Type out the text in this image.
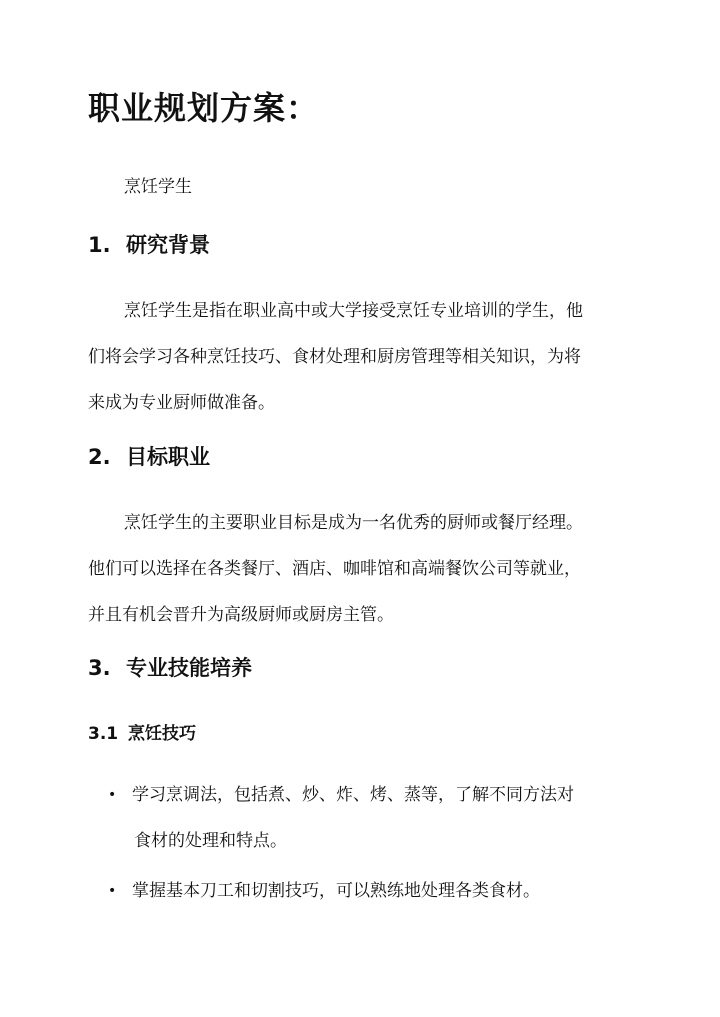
职业规划方案：
烹饪学生
1. 研究背景
烹饪学生是指在职业高中或大学接受烹饪专业培训的学生，他
们将会学习各种烹饪技巧、食材处理和厨房管理等相关知识，为将
来成为专业厨师做准备。
2. 目标职业
烹饪学生的主要职业目标是成为一名优秀的厨师或餐厅经理。
他们可以选择在各类餐厅、酒店、咖啡馆和高端餐饮公司等就业，
并且有机会晋升为高级厨师或厨房主管。
3. 专业技能培养
3.1 烹饪技巧
• 学习烹调法，包括煮、炒、炸、烤、蒸等，了解不同方法对
食材的处理和特点。
• 掌握基本刀工和切割技巧，可以熟练地处理各类食材。
